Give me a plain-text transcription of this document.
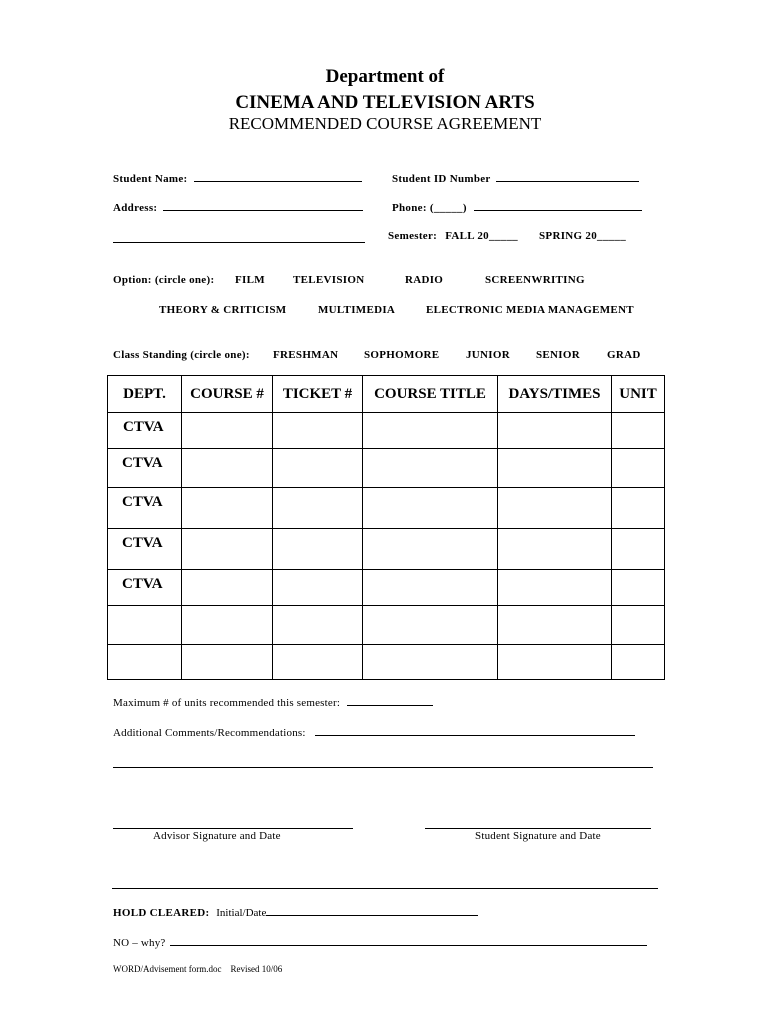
Department of
CINEMA AND TELEVISION ARTS
RECOMMENDED COURSE AGREEMENT
Student Name:	Student ID Number
Address:	Phone: (_____)
Semester: FALL 20_____ SPRING 20_____
Option: (circle one): FILM	TELEVISION	RADIO	SCREENWRITING
THEORY & CRITICISM	MULTIMEDIA	ELECTRONIC MEDIA MANAGEMENT
Class Standing (circle one): FRESHMAN SOPHOMORE JUNIOR SENIOR GRAD
DEPT.	COURSE #	TICKET #	COURSE TITLE	DAYS/TIMES	UNIT
CTVA					
CTVA					
CTVA					
CTVA					
CTVA					

Maximum # of units recommended this semester:
Additional Comments/Recommendations:
Advisor Signature and Date	Student Signature and Date
HOLD CLEARED: Initial/Date
NO – why?
WORD/Advisement form.doc    Revised 10/06
